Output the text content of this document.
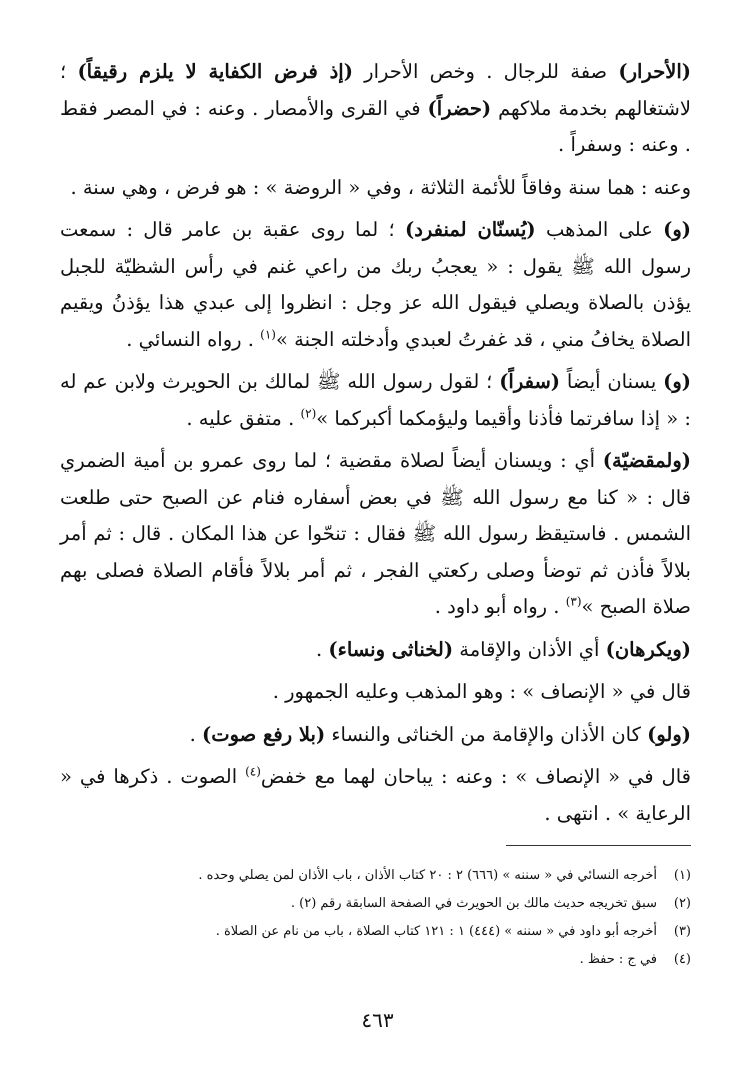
(الأحرار) صفة للرجال . وخص الأحرار (إذ فرض الكفاية لا يلزم رقيقاً) ؛ لاشتغالهم بخدمة ملاكهم (حضراً) في القرى والأمصار . وعنه : في المصر فقط . وعنه : وسفراً .

وعنه : هما سنة وفاقاً للأئمة الثلاثة ، وفي « الروضة » : هو فرض ، وهي سنة .

(و) على المذهب (يُسنّان لمنفرد) ؛ لما روى عقبة بن عامر قال : سمعت رسول الله ﷺ يقول : « يعجبُ ربك من راعي غنم في رأس الشظيّة للجبل يؤذن بالصلاة ويصلي فيقول الله عز وجل : انظروا إلى عبدي هذا يؤذنُ ويقيم الصلاة يخافُ مني ، قد غفرتُ لعبدي وأدخلته الجنة »$^{(١)}$ . رواه النسائي .

(و) يسنان أيضاً (سفراً) ؛ لقول رسول الله ﷺ لمالك بن الحويرث ولابن عم له : « إذا سافرتما فأذنا وأقيما وليؤمكما أكبركما »$^{(٢)}$ . متفق عليه .

(ولمقضيّة) أي : ويسنان أيضاً لصلاة مقضية ؛ لما روى عمرو بن أمية الضمري قال : « كنا مع رسول الله ﷺ في بعض أسفاره فنام عن الصبح حتى طلعت الشمس . فاستيقظ رسول الله ﷺ فقال : تنحّوا عن هذا المكان . قال : ثم أمر بلالاً فأذن ثم توضأ وصلى ركعتي الفجر ، ثم أمر بلالاً فأقام الصلاة فصلى بهم صلاة الصبح »$^{(٣)}$ . رواه أبو داود .

(ويكرهان) أي الأذان والإقامة (لخناثى ونساء) .

قال في « الإنصاف » : وهو المذهب وعليه الجمهور .

(ولو) كان الأذان والإقامة من الخناثى والنساء (بلا رفع صوت) .

قال في « الإنصاف » : وعنه : يباحان لهما مع خفض$^{(٤)}$ الصوت . ذكرها في « الرعاية » . انتهى .

(١)
أخرجه النسائي في « سننه » (٦٦٦) ٢ : ٢٠ كتاب الأذان ، باب الأذان لمن يصلي وحده .
(٢)
سبق تخريجه حديث مالك بن الحويرث في الصفحة السابقة رقم (٢) .
(٣)
أخرجه أبو داود في « سننه » (٤٤٤) ١ : ١٢١ كتاب الصلاة ، باب من نام عن الصلاة .
(٤)
في ج : حفظ .
٤٦٣
